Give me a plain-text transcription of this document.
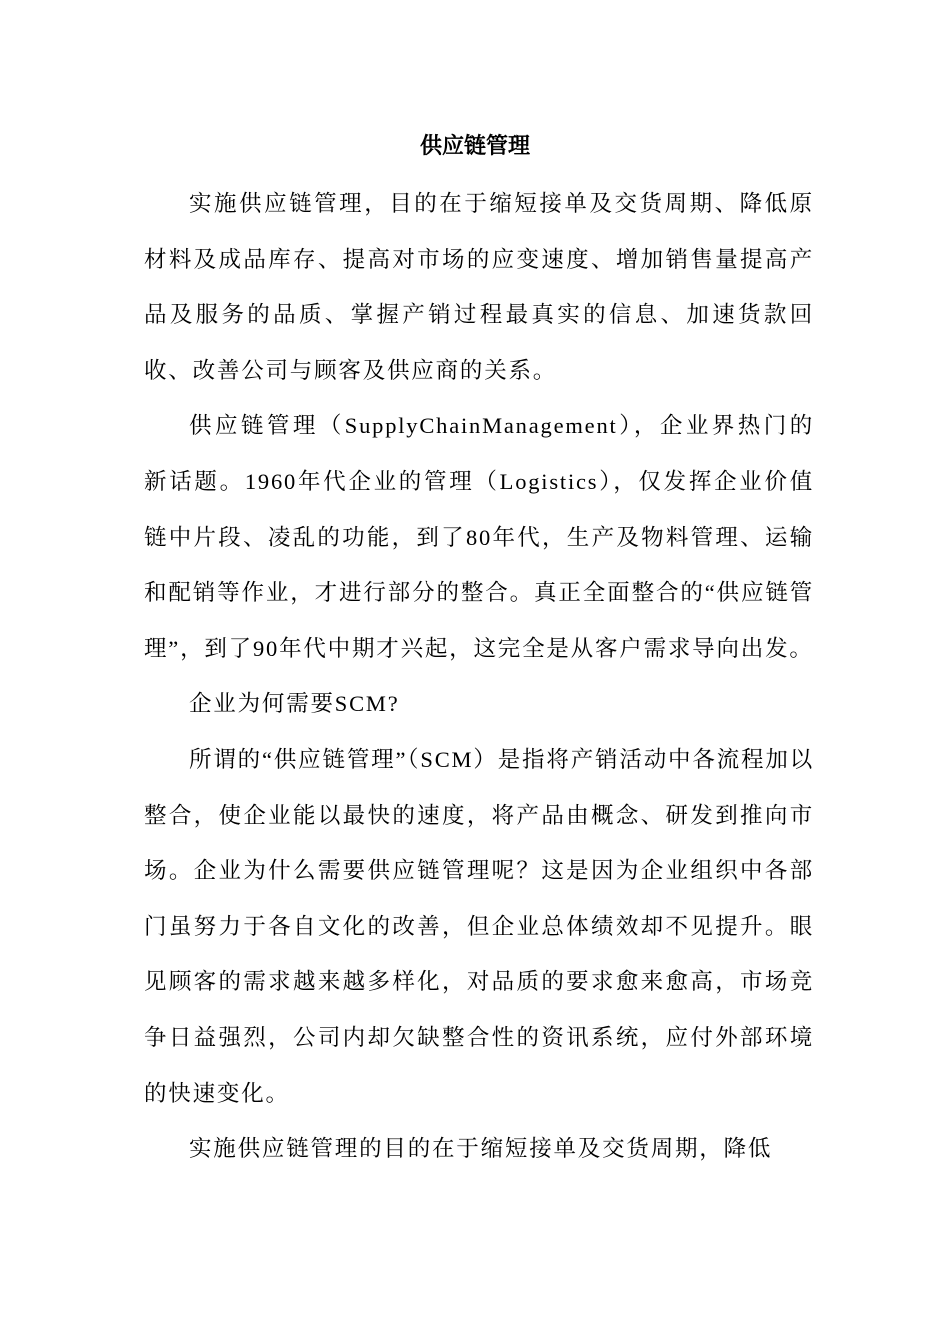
供应链管理

实施供应链管理，目的在于缩短接单及交货周期、降低原材料及成品库存、提高对市场的应变速度、增加销售量提高产品及服务的品质、掌握产销过程最真实的信息、加速货款回收、改善公司与顾客及供应商的关系。

供应链管理（SupplyChainManagement），企业界热门的新话题。1960年代企业的管理（Logistics），仅发挥企业价值链中片段、凌乱的功能，到了80年代，生产及物料管理、运输和配销等作业，才进行部分的整合。真正全面整合的“供应链管理”，到了90年代中期才兴起，这完全是从客户需求导向出发。

企业为何需要SCM?

所谓的“供应链管理”（SCM）是指将产销活动中各流程加以整合，使企业能以最快的速度，将产品由概念、研发到推向市场。企业为什么需要供应链管理呢？这是因为企业组织中各部门虽努力于各自文化的改善，但企业总体绩效却不见提升。眼见顾客的需求越来越多样化，对品质的要求愈来愈高，市场竞争日益强烈，公司内却欠缺整合性的资讯系统，应付外部环境的快速变化。

实施供应链管理的目的在于缩短接单及交货周期，降低
